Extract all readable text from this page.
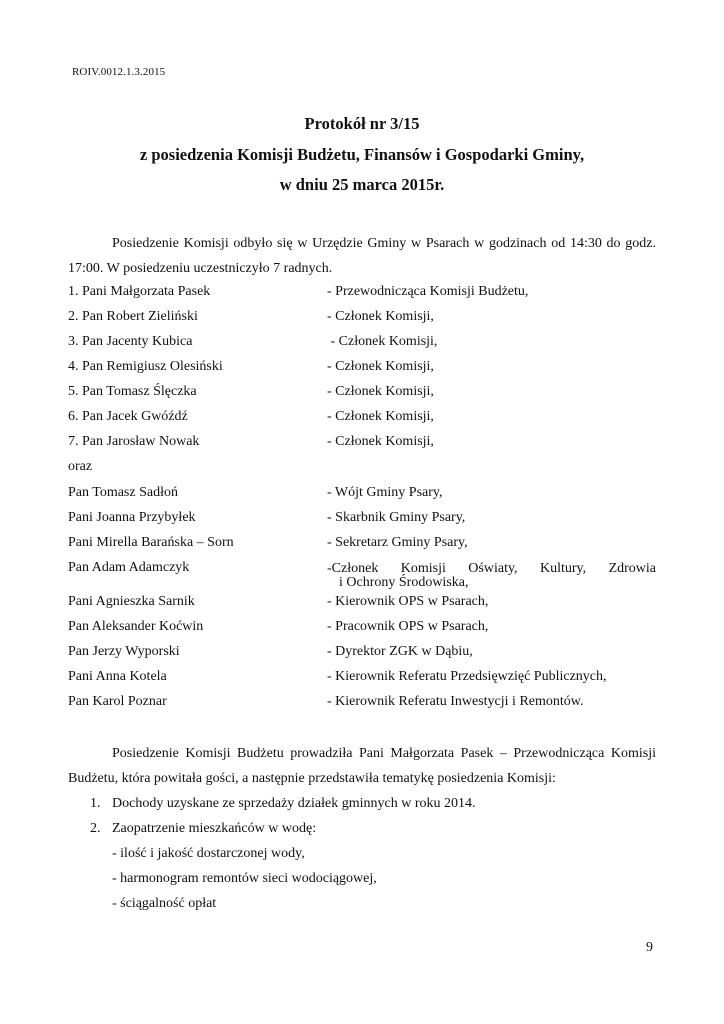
ROIV.0012.1.3.2015
Protokół nr 3/15
z posiedzenia Komisji Budżetu, Finansów i Gospodarki Gminy,
w dniu 25 marca 2015r.
Posiedzenie Komisji odbyło się w Urzędzie Gminy w Psarach w godzinach od 14:30 do godz. 17:00. W posiedzeniu uczestniczyło 7 radnych.
1. Pani Małgorzata Pasek	- Przewodnicząca Komisji Budżetu,
2. Pan Robert Zieliński	- Członek Komisji,
3. Pan Jacenty Kubica	- Członek Komisji,
4. Pan Remigiusz Olesiński	- Członek Komisji,
5. Pan Tomasz Ślęczka	- Członek Komisji,
6. Pan Jacek Gwóźdź	- Członek Komisji,
7. Pan Jarosław Nowak	- Członek Komisji,
oraz
Pan Tomasz Sadłoń	- Wójt Gminy Psary,
Pani Joanna Przybyłek	- Skarbnik Gminy Psary,
Pani Mirella Barańska – Sorn	- Sekretarz Gminy Psary,
Pan Adam Adamczyk	-Członek Komisji Oświaty, Kultury, Zdrowia
i Ochrony Środowiska,
Pani Agnieszka Sarnik	- Kierownik OPS w Psarach,
Pan Aleksander Koćwin	- Pracownik OPS w Psarach,
Pan Jerzy Wyporski	- Dyrektor ZGK w Dąbiu,
Pani Anna Kotela	- Kierownik Referatu Przedsięwzięć Publicznych,
Pan Karol Poznar	- Kierownik Referatu Inwestycji i Remontów.
Posiedzenie Komisji Budżetu prowadziła Pani Małgorzata Pasek – Przewodnicząca Komisji Budżetu, która powitała gości, a następnie przedstawiła tematykę posiedzenia Komisji:
1. Dochody uzyskane ze sprzedaży działek gminnych w roku 2014.
2. Zaopatrzenie mieszkańców w wodę:
- ilość i jakość dostarczonej wody,
- harmonogram remontów sieci wodociągowej,
- ściągalność opłat
9
